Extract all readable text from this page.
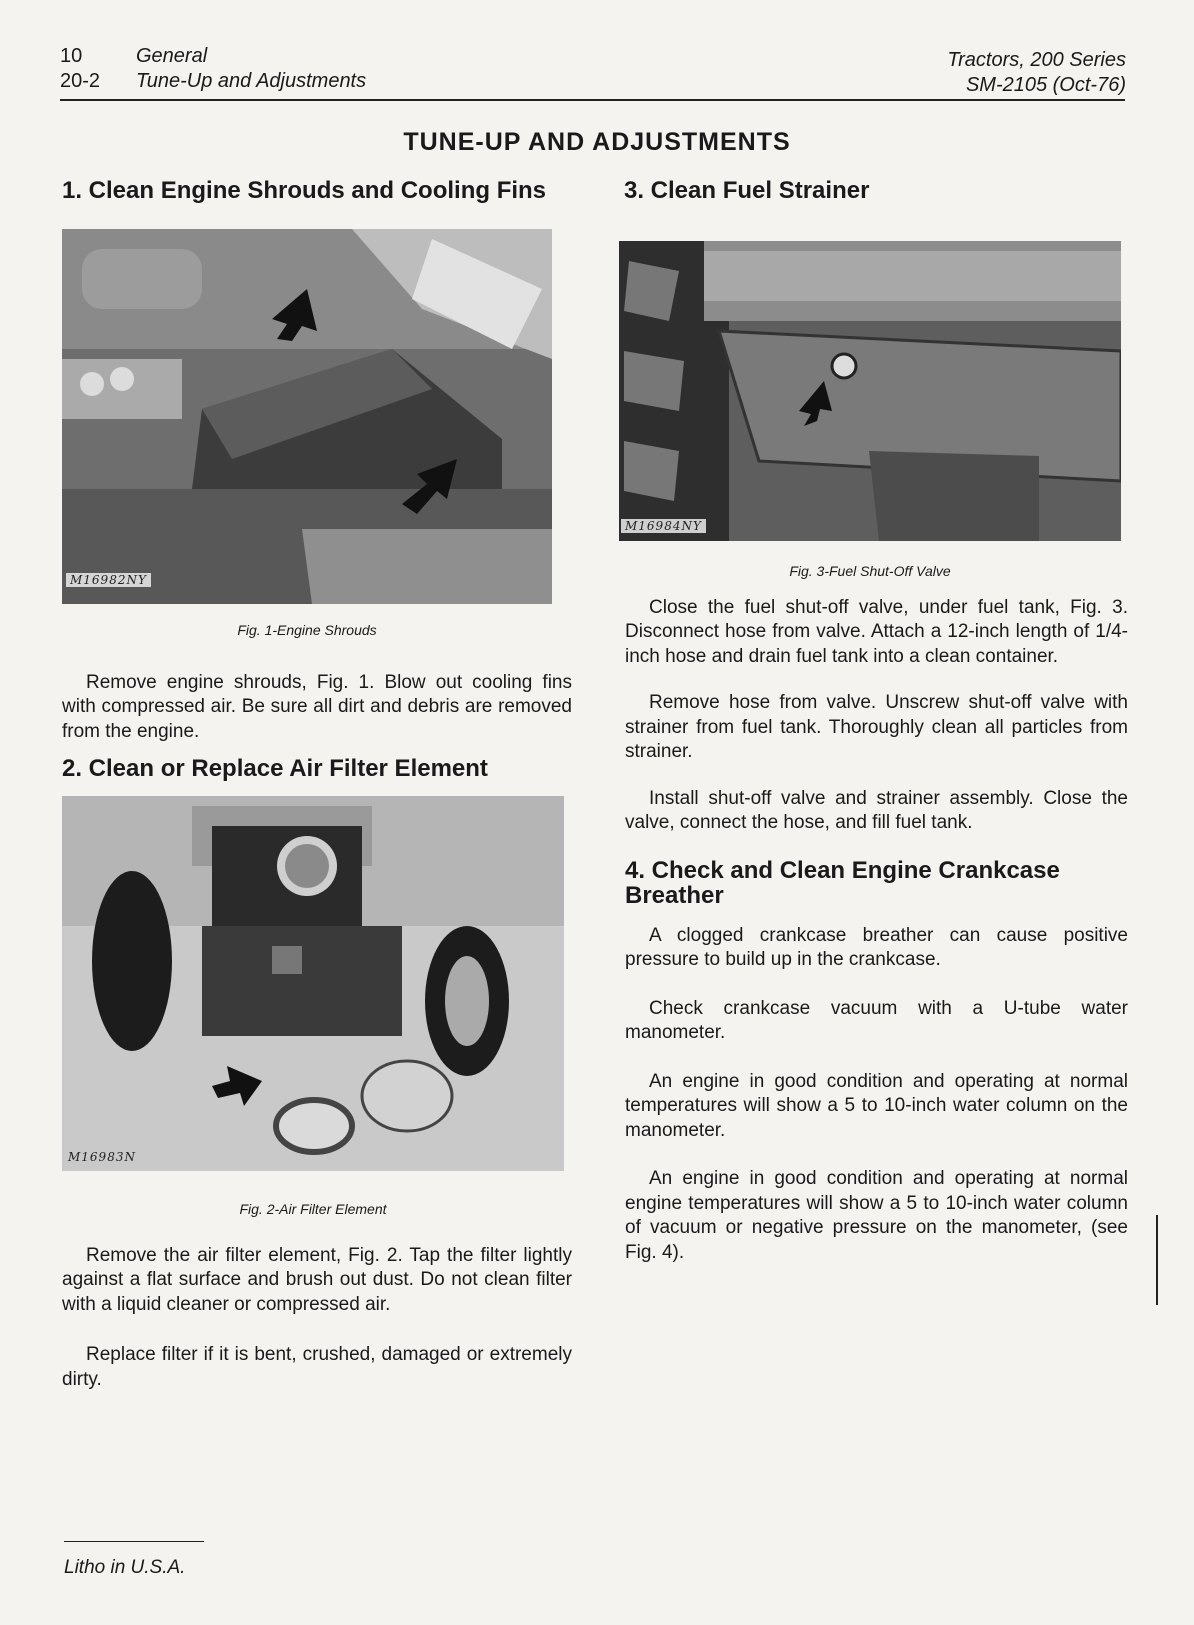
10	General
20-2 Tune-Up and Adjustments
Tractors, 200 Series
SM-2105 (Oct-76)
TUNE-UP AND ADJUSTMENTS
1. Clean Engine Shrouds and Cooling Fins
M16982NY

Fig. 1-Engine Shrouds

Remove engine shrouds, Fig. 1. Blow out cooling fins with compressed air. Be sure all dirt and debris are removed from the engine.

2. Clean or Replace Air Filter Element
M16983N

Fig. 2-Air Filter Element

Remove the air filter element, Fig. 2. Tap the filter lightly against a flat surface and brush out dust. Do not clean filter with a liquid cleaner or compressed air.

Replace filter if it is bent, crushed, damaged or extremely dirty.

3. Clean Fuel Strainer
M16984NY

Fig. 3-Fuel Shut-Off Valve

Close the fuel shut-off valve, under fuel tank, Fig. 3. Disconnect hose from valve. Attach a 12-inch length of 1/4-inch hose and drain fuel tank into a clean container.

Remove hose from valve. Unscrew shut-off valve with strainer from fuel tank. Thoroughly clean all particles from strainer.

Install shut-off valve and strainer assembly. Close the valve, connect the hose, and fill fuel tank.

4. Check and Clean Engine Crankcase Breather

A clogged crankcase breather can cause positive pressure to build up in the crankcase.

Check crankcase vacuum with a U-tube water manometer.

An engine in good condition and operating at normal temperatures will show a 5 to 10-inch water column on the manometer.

An engine in good condition and operating at normal engine temperatures will show a 5 to 10-inch water column of vacuum or negative pressure on the manometer, (see Fig. 4).

Litho in U.S.A.
